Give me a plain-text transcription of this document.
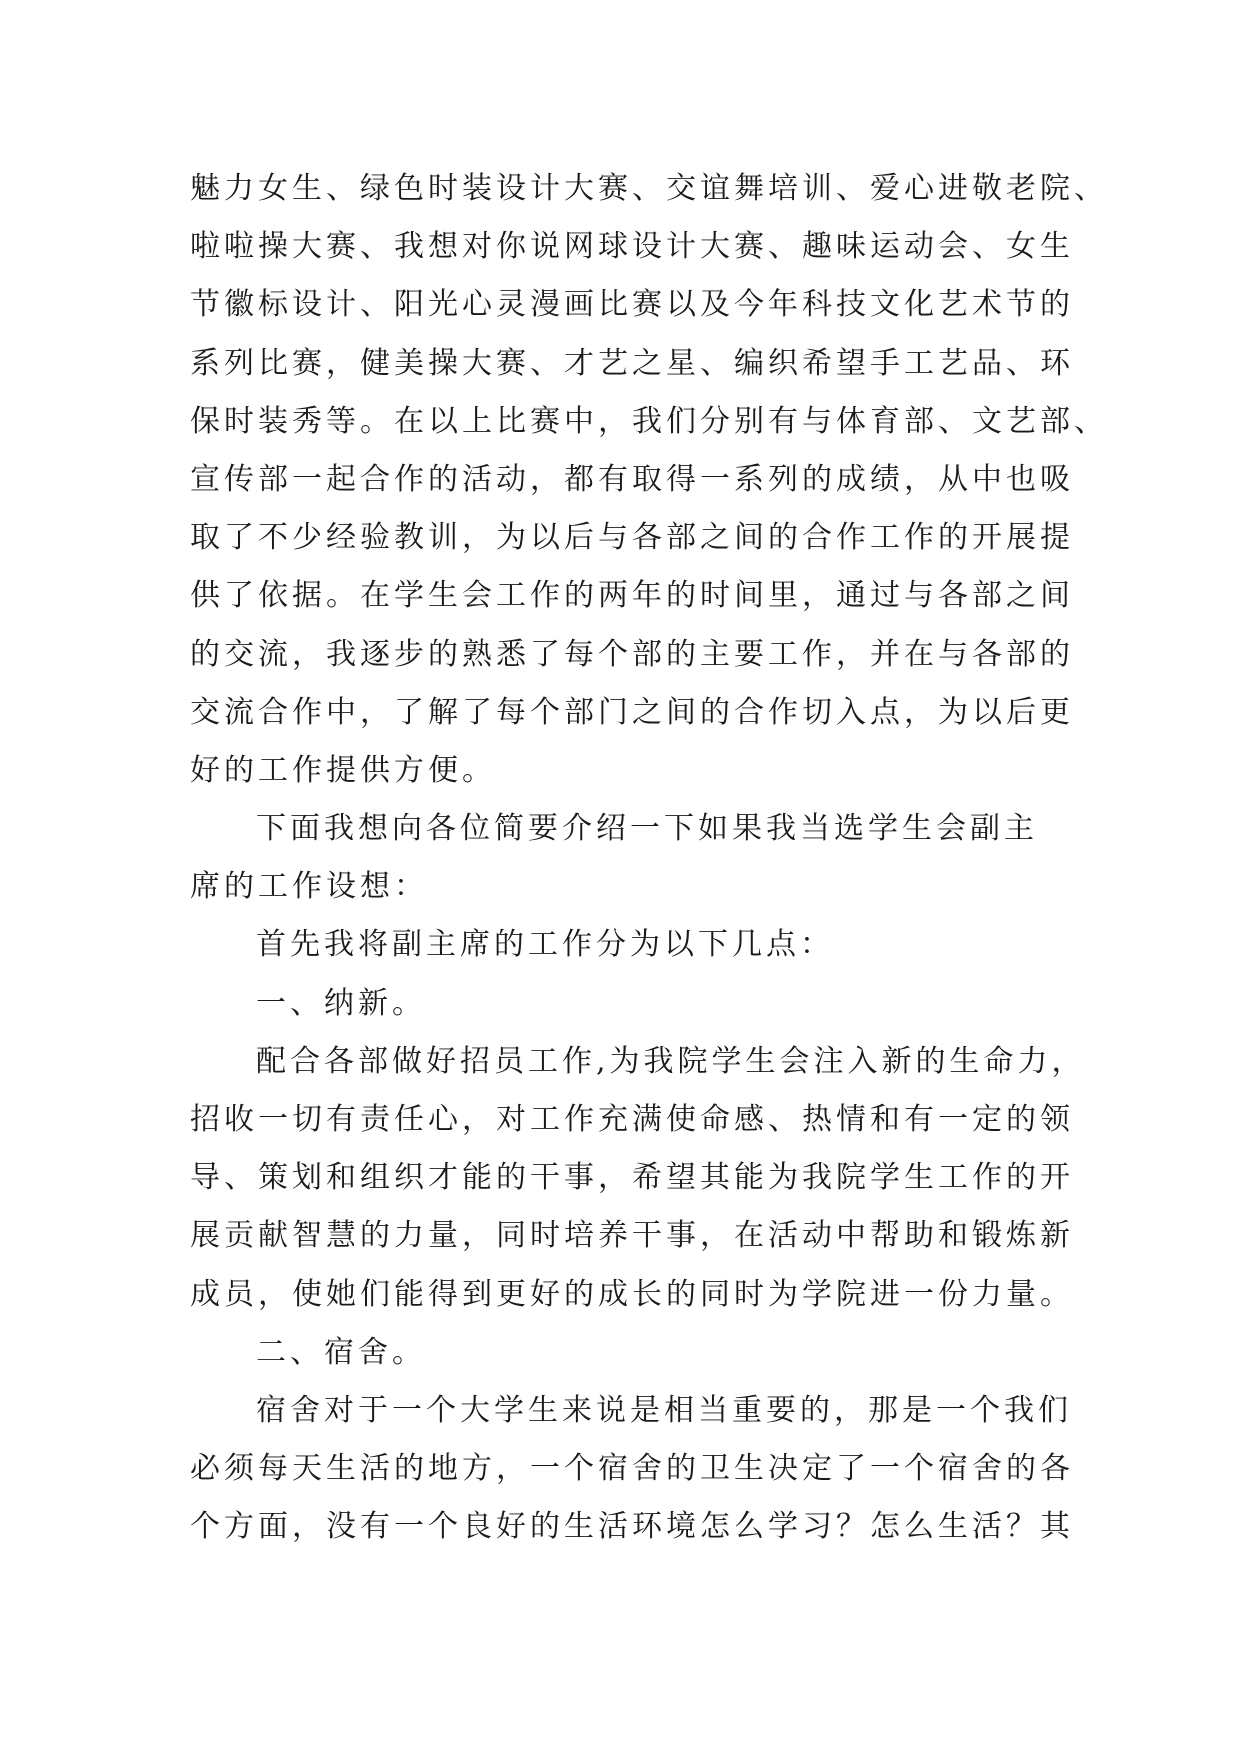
魅力女生、绿色时装设计大赛、交谊舞培训、爱心进敬老院、
啦啦操大赛、我想对你说网球设计大赛、趣味运动会、女生
节徽标设计、阳光心灵漫画比赛以及今年科技文化艺术节的
系列比赛，健美操大赛、才艺之星、编织希望手工艺品、环
保时装秀等。在以上比赛中，我们分别有与体育部、文艺部、
宣传部一起合作的活动，都有取得一系列的成绩，从中也吸
取了不少经验教训，为以后与各部之间的合作工作的开展提
供了依据。在学生会工作的两年的时间里，通过与各部之间
的交流，我逐步的熟悉了每个部的主要工作，并在与各部的
交流合作中，了解了每个部门之间的合作切入点，为以后更
好的工作提供方便。
下面我想向各位简要介绍一下如果我当选学生会副主
席的工作设想：
首先我将副主席的工作分为以下几点：
一、纳新。
配合各部做好招员工作,为我院学生会注入新的生命力，
招收一切有责任心，对工作充满使命感、热情和有一定的领
导、策划和组织才能的干事，希望其能为我院学生工作的开
展贡献智慧的力量，同时培养干事，在活动中帮助和锻炼新
成员，使她们能得到更好的成长的同时为学院进一份力量。
二、宿舍。
宿舍对于一个大学生来说是相当重要的，那是一个我们
必须每天生活的地方，一个宿舍的卫生决定了一个宿舍的各
个方面，没有一个良好的生活环境怎么学习？怎么生活？其
